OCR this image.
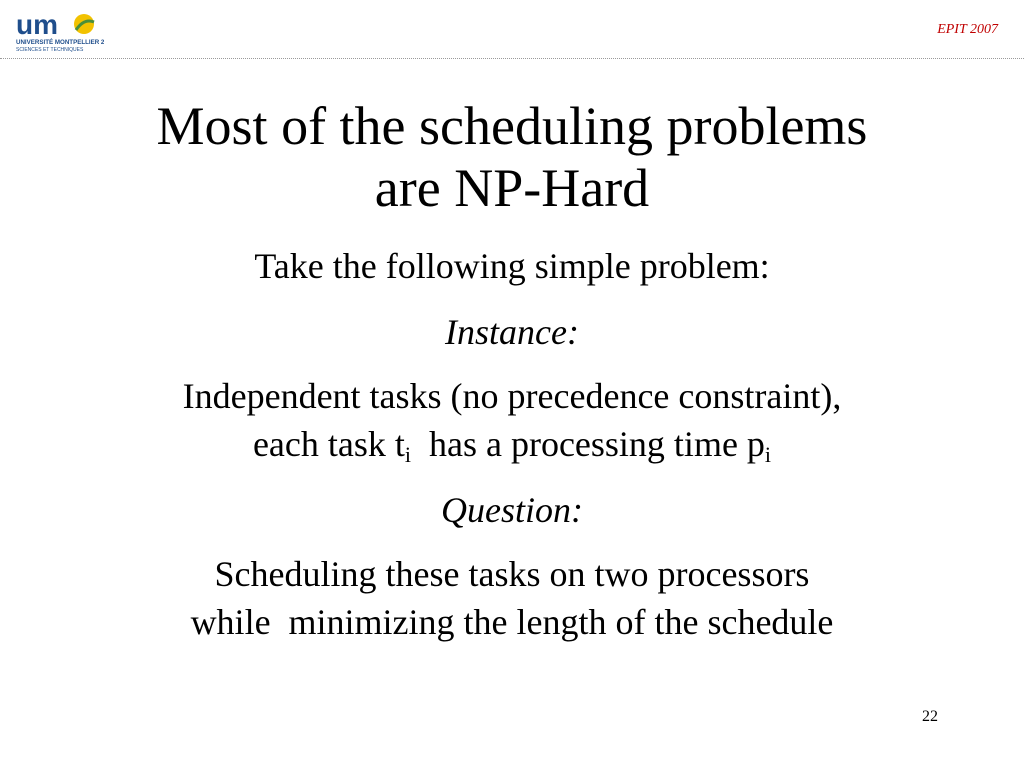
um
UNIVERSITÉ MONTPELLIER 2
SCIENCES ET TECHNIQUES
EPIT 2007
Most of the scheduling problems
are NP-Hard

Take the following simple problem:

Instance:

Independent tasks (no precedence constraint),
each task $t_i$  has a processing time $p_i$

Question:

Scheduling these tasks on two processors
while  minimizing the length of the schedule

22
